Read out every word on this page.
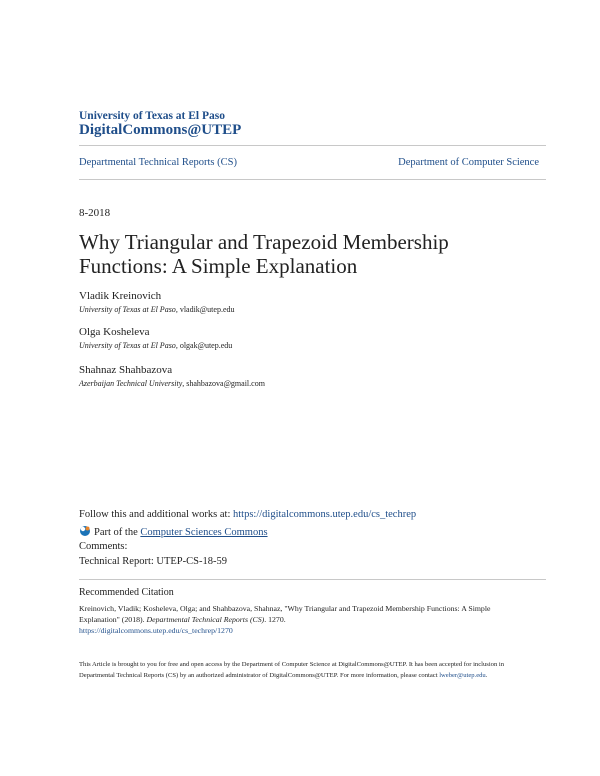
University of Texas at El Paso
DigitalCommons@UTEP
Departmental Technical Reports (CS)	Department of Computer Science
8-2018
Why Triangular and Trapezoid Membership
Functions: A Simple Explanation
Vladik Kreinovich
University of Texas at El Paso, vladik@utep.edu
Olga Kosheleva
University of Texas at El Paso, olgak@utep.edu
Shahnaz Shahbazova
Azerbaijan Technical University, shahbazova@gmail.com
Follow this and additional works at: https://digitalcommons.utep.edu/cs_techrep
Part of the Computer Sciences Commons
Comments:
Technical Report: UTEP-CS-18-59
Recommended Citation
Kreinovich, Vladik; Kosheleva, Olga; and Shahbazova, Shahnaz, "Why Triangular and Trapezoid Membership Functions: A Simple Explanation" (2018). Departmental Technical Reports (CS). 1270.
https://digitalcommons.utep.edu/cs_techrep/1270
This Article is brought to you for free and open access by the Department of Computer Science at DigitalCommons@UTEP. It has been accepted for inclusion in Departmental Technical Reports (CS) by an authorized administrator of DigitalCommons@UTEP. For more information, please contact lweber@utep.edu.
